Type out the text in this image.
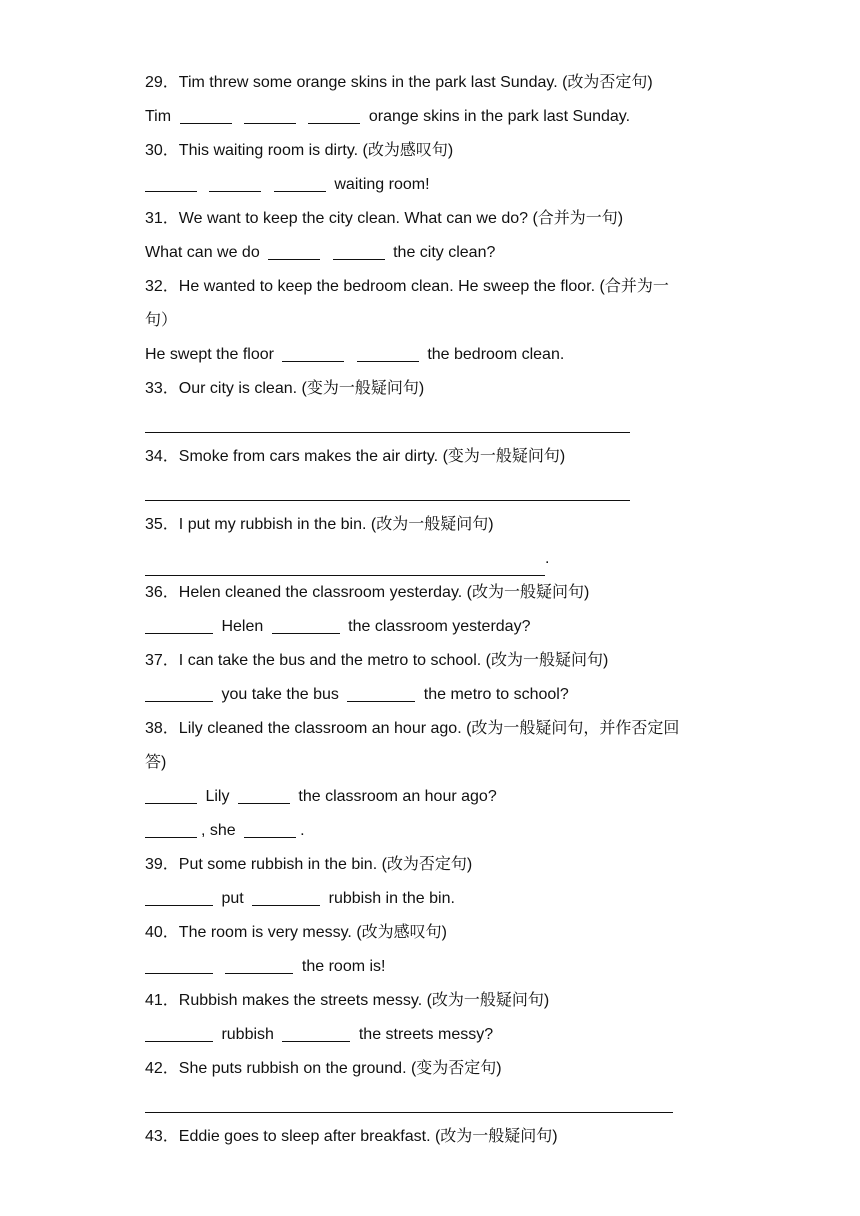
29．Tim threw some orange skins in the park last Sunday. (改为否定句)
Tim	orange skins in the park last Sunday.
30．This waiting room is dirty. (改为感叹句)
waiting room!
31．We want to keep the city clean. What can we do? (合并为一句)
What can we do	the city clean?
32．He wanted to keep the bedroom clean. He sweep the floor. (合并为一
句）
He swept the floor	the bedroom clean.
33．Our city is clean. (变为一般疑问句)
34．Smoke from cars makes the air dirty. (变为一般疑问句)
35．I put my rubbish in the bin. (改为一般疑问句)
.
36．Helen cleaned the classroom yesterday. (改为一般疑问句)
Helen	the classroom yesterday?
37．I can take the bus and the metro to school. (改为一般疑问句)
you take the bus	the metro to school?
38．Lily cleaned the classroom an hour ago. (改为一般疑问句，并作否定回
答)
Lily	the classroom an hour ago?
, she	.
39．Put some rubbish in the bin. (改为否定句)
put	rubbish in the bin.
40．The room is very messy. (改为感叹句)
the room is!
41．Rubbish makes the streets messy. (改为一般疑问句)
rubbish	the streets messy?
42．She puts rubbish on the ground. (变为否定句)
43．Eddie goes to sleep after breakfast. (改为一般疑问句)
